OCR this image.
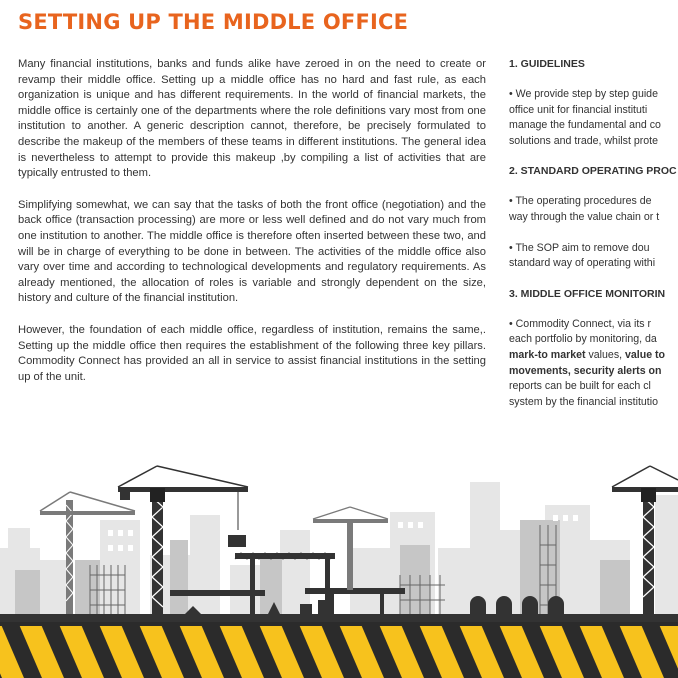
SETTING UP THE MIDDLE OFFICE

Many financial institutions, banks and funds alike have zeroed in on the need to create or revamp their middle office. Setting up a middle office has no hard and fast rule, as each organization is unique and has different requirements. In the world of financial markets, the middle office is certainly one of the departments where the role definitions vary most from one institution to another. A generic description cannot, therefore, be precisely formulated to describe the makeup of the members of these teams in different institutions. The general idea is nevertheless to attempt to provide this makeup ,by compiling a list of activities that are typically entrusted to them.

Simplifying somewhat, we can say that the tasks of both the front office (negotiation) and the back office (transaction processing) are more or less well defined and do not vary much from one institution to another. The middle office is therefore often inserted between these two, and will be in charge of everything to be done in between. The activities of the middle office also vary over time and according to technological developments and regulatory requirements. As already mentioned, the allocation of roles is variable and strongly dependent on the size, history and culture of the financial institution.

However, the foundation of each middle office, regardless of institution, remains the same,. Setting up the middle office then requires the establishment of the following three key pillars. Commodity Connect has provided an all in service to assist financial institutions in the setting up of the unit.

1. GUIDELINES
• We provide step by step guide
office unit for financial instituti
manage the fundamental and co
solutions and trade, whilst prote
2. STANDARD OPERATING PROC
• The operating procedures de
way through the value chain or t
• The SOP aim to remove dou
standard way of operating withi
3. MIDDLE OFFICE MONITORIN
• Commodity Connect, via its r
each portfolio by monitoring, da
mark-to market values, value to
movements, security alerts on
reports can be built for each cl
system by the financial institutio
